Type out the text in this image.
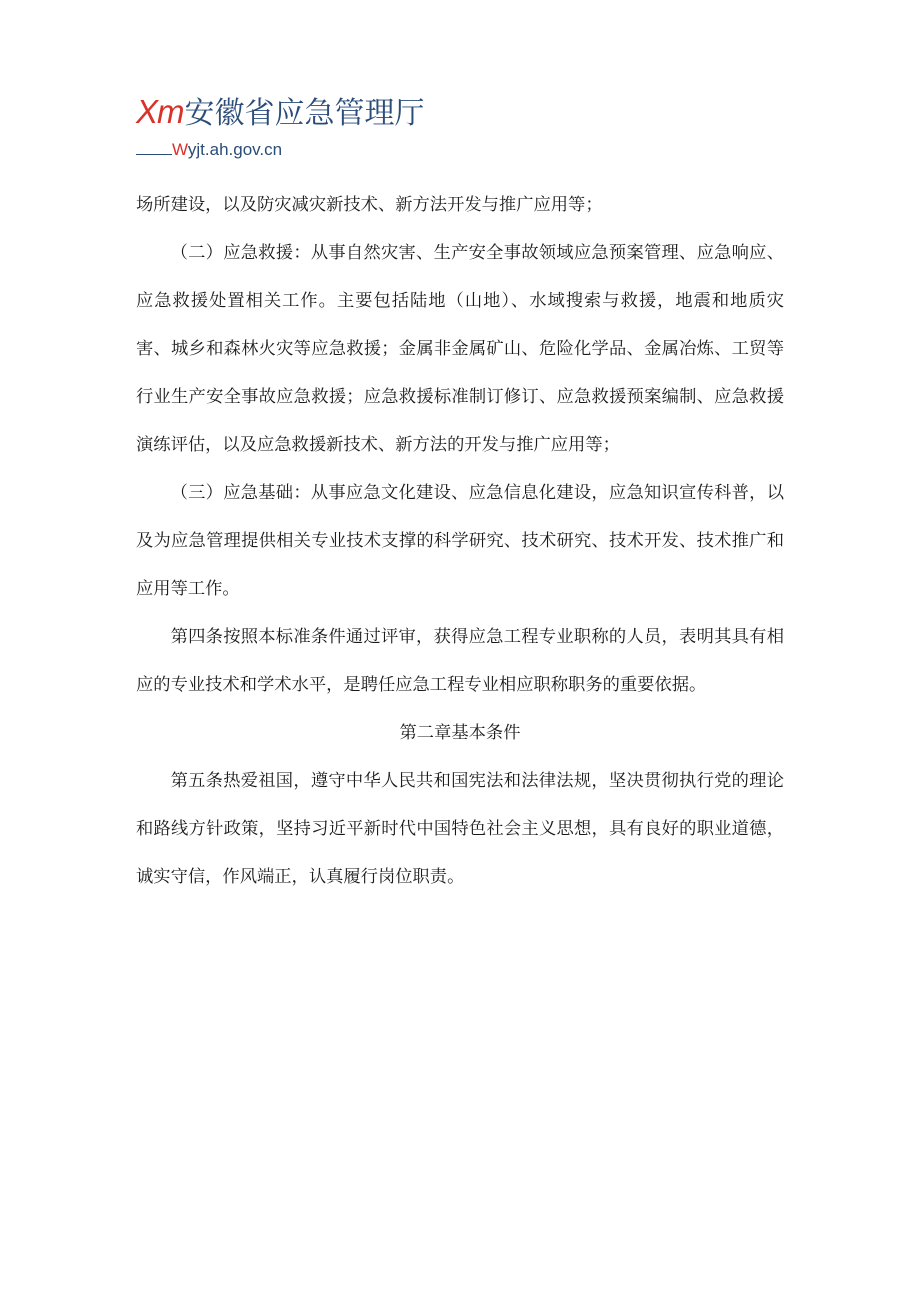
Xm 安徽省应急管理厅
Wyjt.ah.gov.cn

场所建设，以及防灾减灾新技术、新方法开发与推广应用等；

（二）应急救援：从事自然灾害、生产安全事故领域应急预案管理、应急响应、应急救援处置相关工作。主要包括陆地（山地）、水域搜索与救援，地震和地质灾害、城乡和森林火灾等应急救援；金属非金属矿山、危险化学品、金属冶炼、工贸等行业生产安全事故应急救援；应急救援标准制订修订、应急救援预案编制、应急救援演练评估，以及应急救援新技术、新方法的开发与推广应用等；

（三）应急基础：从事应急文化建设、应急信息化建设，应急知识宣传科普，以及为应急管理提供相关专业技术支撑的科学研究、技术研究、技术开发、技术推广和应用等工作。

第四条按照本标准条件通过评审，获得应急工程专业职称的人员，表明其具有相应的专业技术和学术水平，是聘任应急工程专业相应职称职务的重要依据。

第二章基本条件

第五条热爱祖国，遵守中华人民共和国宪法和法律法规，坚决贯彻执行党的理论和路线方针政策，坚持习近平新时代中国特色社会主义思想，具有良好的职业道德，诚实守信，作风端正，认真履行岗位职责。
